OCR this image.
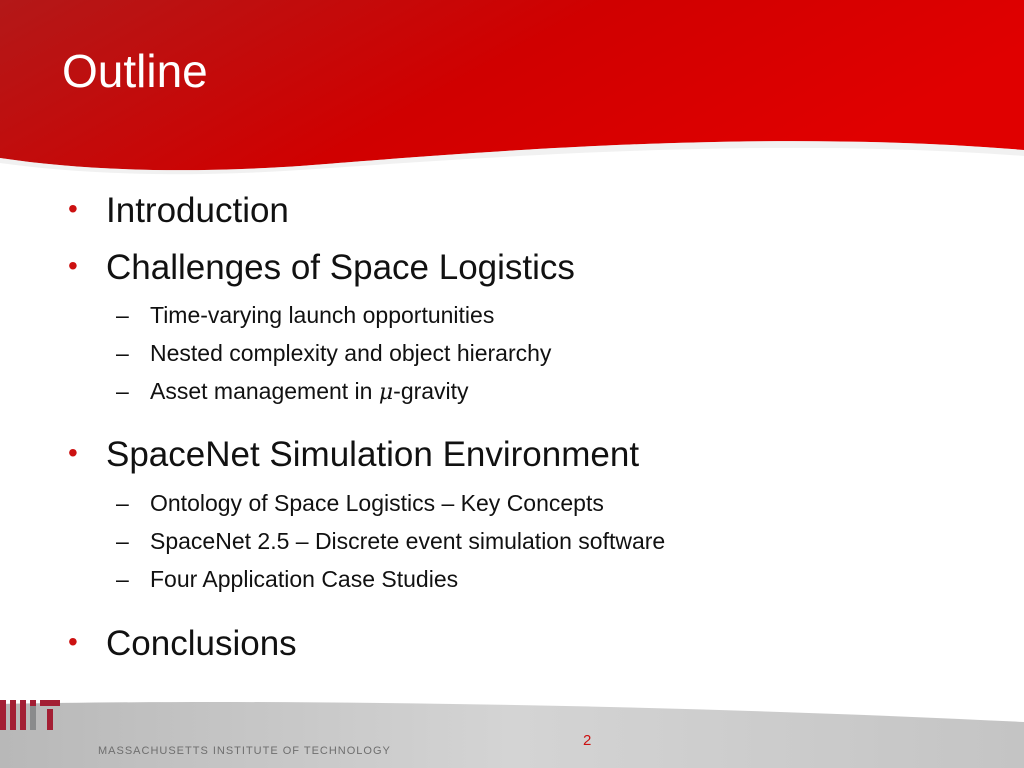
Outline
• Introduction
• Challenges of Space Logistics
– Time-varying launch opportunities
– Nested complexity and object hierarchy
– Asset management in μ-gravity
• SpaceNet Simulation Environment
– Ontology of Space Logistics – Key Concepts
– SpaceNet 2.5 – Discrete event simulation software
– Four Application Case Studies
• Conclusions
MASSACHUSETTS INSTITUTE OF TECHNOLOGY
2
